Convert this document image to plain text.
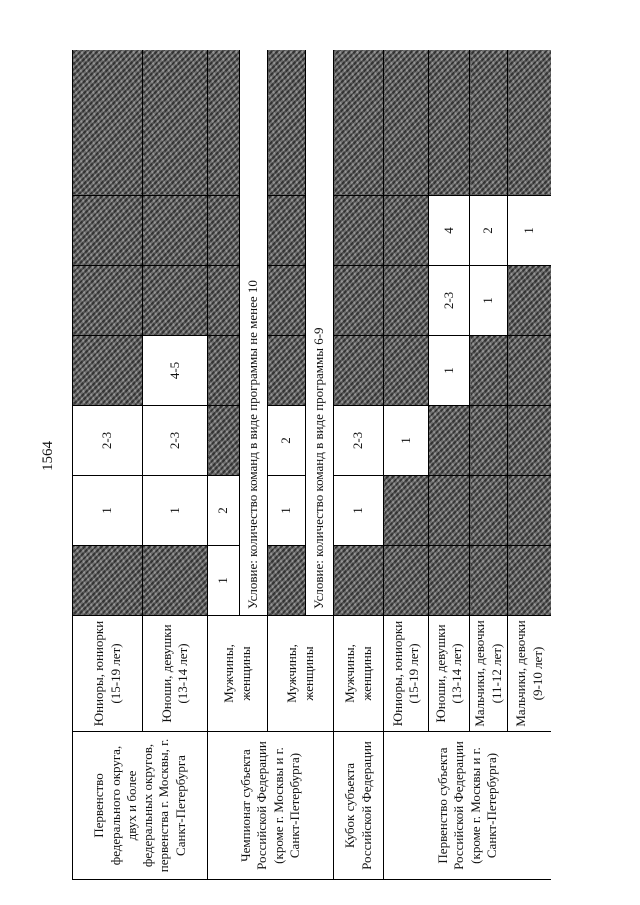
1564
Первенство федерального округа, двух и более федеральных округов, первенства г. Москвы, г. Санкт-Петербурга	Юниоры, юниорки (15-19 лет)		1	2-3				
	Юноши, девушки (13-14 лет)		1	2-3	4-5			
Чемпионат субъекта Российской Федерации (кроме г. Москвы и г. Санкт-Петербурга)	Мужчины, женщины	1	2					
		Условие: количество команд в виде программы не менее 10						
	Мужчины, женщины		1	2				
		Условие: количество команд в виде программы 6-9						
Кубок субъекта Российской Федерации	Мужчины, женщины		1	2-3				
Первенство субъекта Российской Федерации (кроме г. Москвы и г. Санкт-Петербурга)	Юниоры, юниорки (15-19 лет)			1				
	Юноши, девушки (13-14 лет)				1	2-3	4	
	Мальчики, девочки (11-12 лет)					1	2	
	Мальчики, девочки (9-10 лет)						1	
